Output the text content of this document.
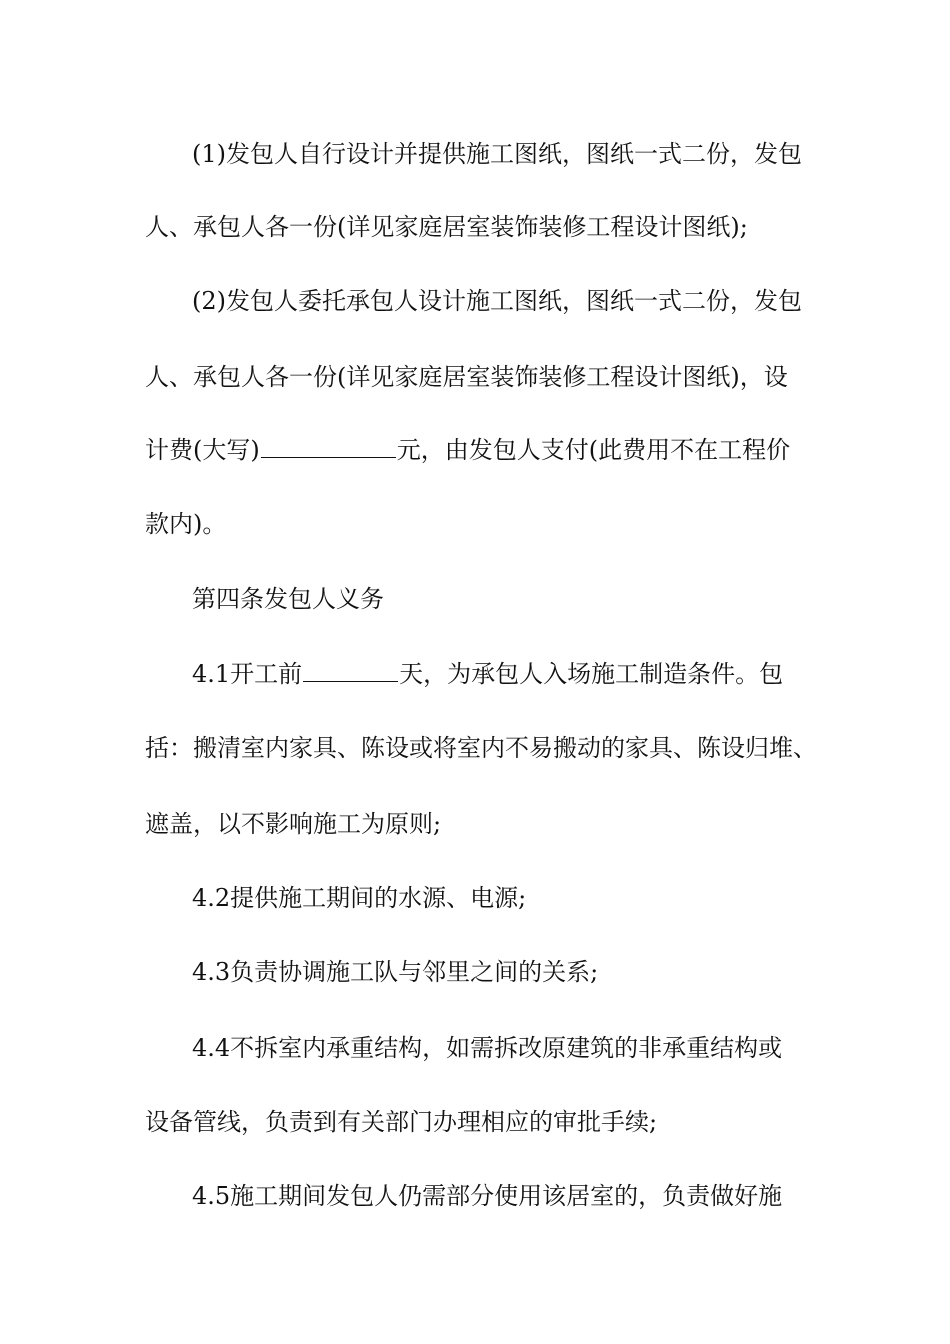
(1)发包人自行设计并提供施工图纸，图纸一式二份，发包
人、承包人各一份(详见家庭居室装饰装修工程设计图纸);
(2)发包人委托承包人设计施工图纸，图纸一式二份，发包
人、承包人各一份(详见家庭居室装饰装修工程设计图纸)，设
计费(大写)	元，由发包人支付(此费用不在工程价
款内)。
第四条发包人义务
4.1开工前	天，为承包人入场施工制造条件。包
括：搬清室内家具、陈设或将室内不易搬动的家具、陈设归堆、
遮盖，以不影响施工为原则;
4.2提供施工期间的水源、电源;
4.3负责协调施工队与邻里之间的关系;
4.4不拆室内承重结构，如需拆改原建筑的非承重结构或
设备管线，负责到有关部门办理相应的审批手续;
4.5施工期间发包人仍需部分使用该居室的，负责做好施
